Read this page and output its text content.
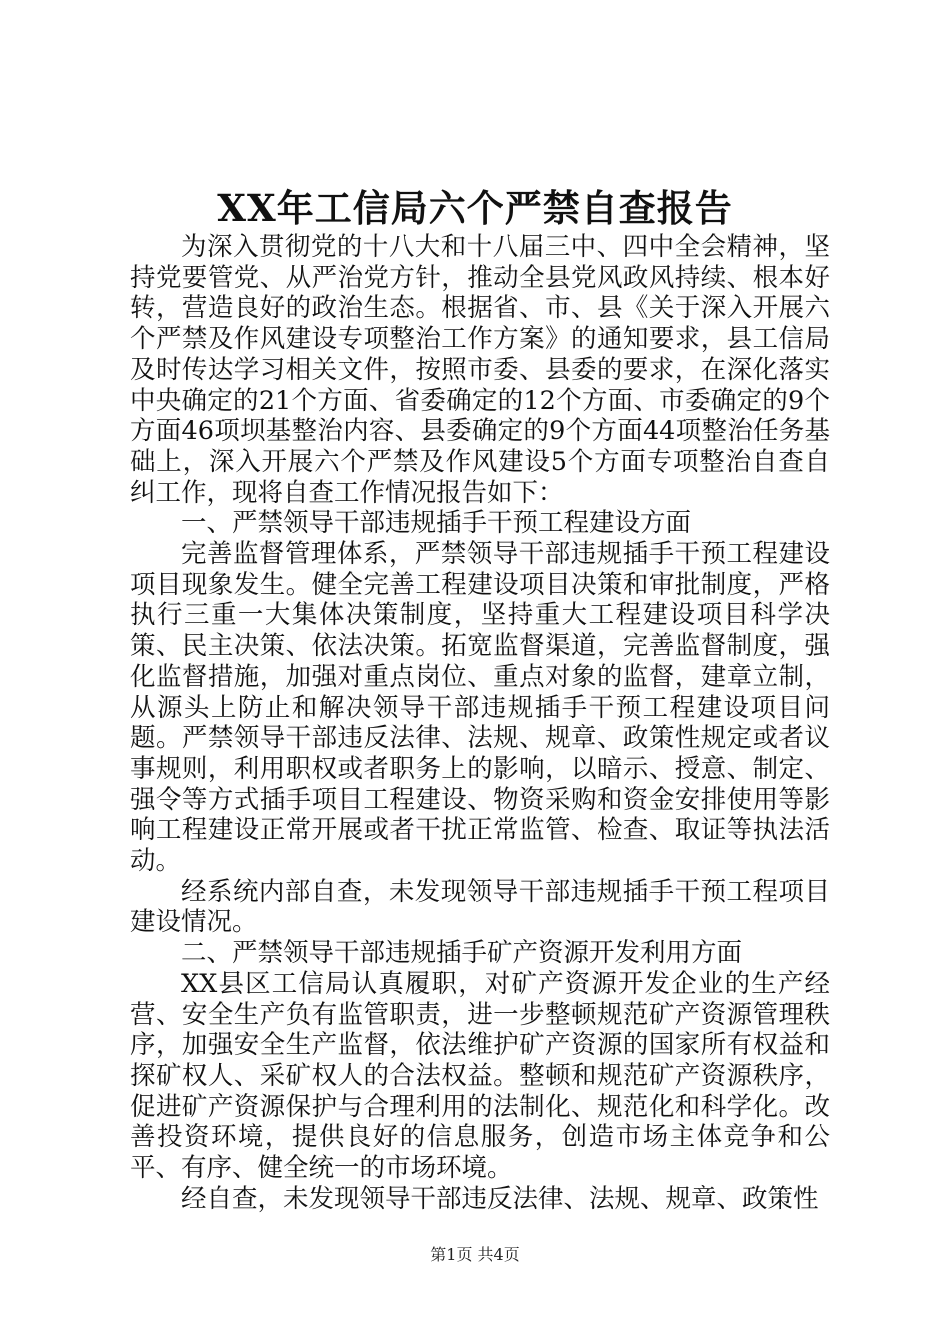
XX年工信局六个严禁自查报告

为深入贯彻党的十八大和十八届三中、四中全会精神，坚持党要管党、从严治党方针，推动全县党风政风持续、根本好转，营造良好的政治生态。根据省、市、县《关于深入开展六个严禁及作风建设专项整治工作方案》的通知要求，县工信局及时传达学习相关文件，按照市委、县委的要求，在深化落实中央确定的21个方面、省委确定的12个方面、市委确定的9个方面46项坝基整治内容、县委确定的9个方面44项整治任务基础上，深入开展六个严禁及作风建设5个方面专项整治自查自纠工作，现将自查工作情况报告如下：

一、严禁领导干部违规插手干预工程建设方面

完善监督管理体系，严禁领导干部违规插手干预工程建设项目现象发生。健全完善工程建设项目决策和审批制度，严格执行三重一大集体决策制度，坚持重大工程建设项目科学决策、民主决策、依法决策。拓宽监督渠道，完善监督制度，强化监督措施，加强对重点岗位、重点对象的监督，建章立制，从源头上防止和解决领导干部违规插手干预工程建设项目问题。严禁领导干部违反法律、法规、规章、政策性规定或者议事规则，利用职权或者职务上的影响，以暗示、授意、制定、强令等方式插手项目工程建设、物资采购和资金安排使用等影响工程建设正常开展或者干扰正常监管、检查、取证等执法活动。

经系统内部自查，未发现领导干部违规插手干预工程项目建设情况。

二、严禁领导干部违规插手矿产资源开发利用方面

XX县区工信局认真履职，对矿产资源开发企业的生产经营、安全生产负有监管职责，进一步整顿规范矿产资源管理秩序，加强安全生产监督，依法维护矿产资源的国家所有权益和探矿权人、采矿权人的合法权益。整顿和规范矿产资源秩序，促进矿产资源保护与合理利用的法制化、规范化和科学化。改善投资环境，提供良好的信息服务，创造市场主体竞争和公平、有序、健全统一的市场环境。

经自查，未发现领导干部违反法律、法规、规章、政策性

第1页 共4页
